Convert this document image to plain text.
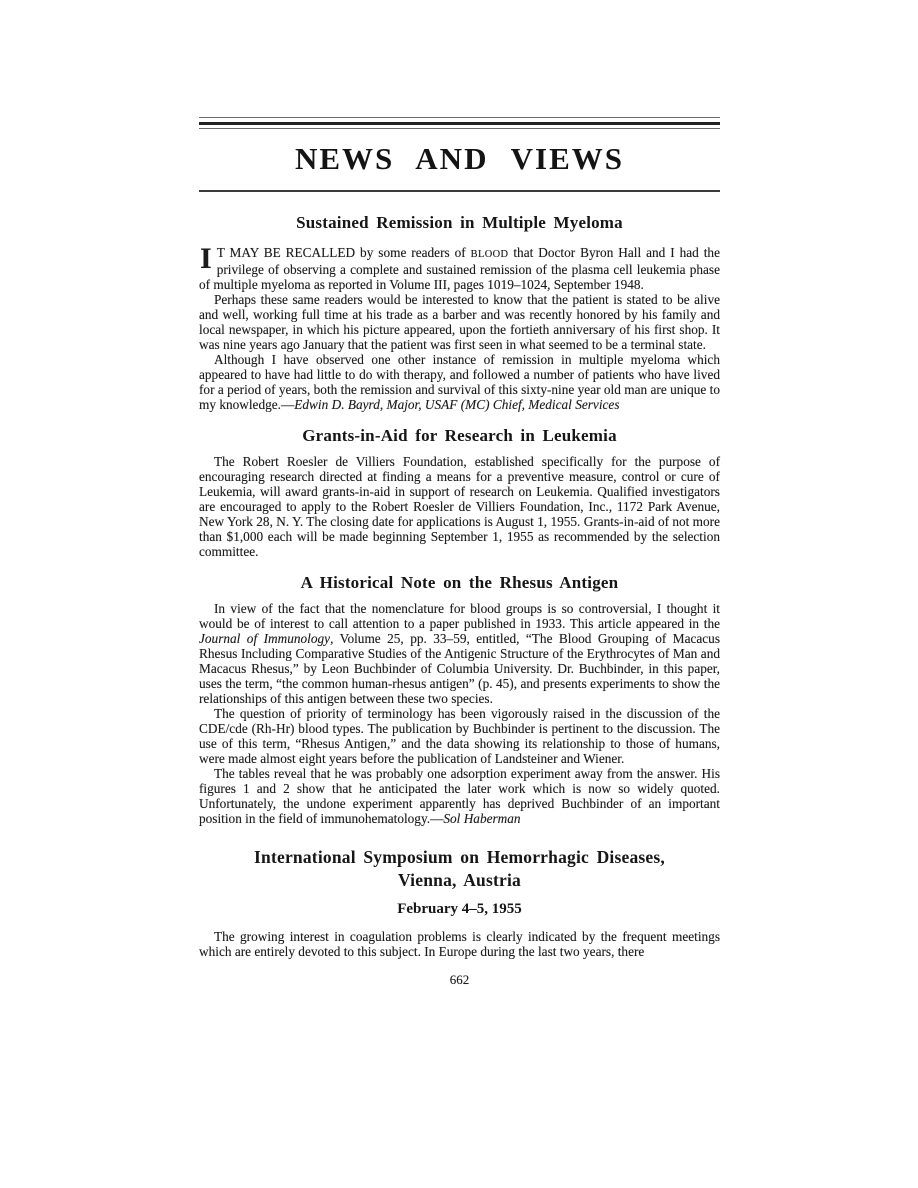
NEWS AND VIEWS
Sustained Remission in Multiple Myeloma

I T MAY BE RECALLED by some readers of BLOOD that Doctor Byron Hall and I had the privilege of observing a complete and sustained remission of the plasma cell leukemia phase of multiple myeloma as reported in Volume III, pages 1019–1024, September 1948.

Perhaps these same readers would be interested to know that the patient is stated to be alive and well, working full time at his trade as a barber and was recently honored by his family and local newspaper, in which his picture appeared, upon the fortieth anniversary of his first shop. It was nine years ago January that the patient was first seen in what seemed to be a terminal state.

Although I have observed one other instance of remission in multiple myeloma which appeared to have had little to do with therapy, and followed a number of patients who have lived for a period of years, both the remission and survival of this sixty-nine year old man are unique to my knowledge.—Edwin D. Bayrd, Major, USAF (MC) Chief, Medical Services

Grants-in-Aid for Research in Leukemia

The Robert Roesler de Villiers Foundation, established specifically for the purpose of encouraging research directed at finding a means for a preventive measure, control or cure of Leukemia, will award grants-in-aid in support of research on Leukemia. Qualified investigators are encouraged to apply to the Robert Roesler de Villiers Foundation, Inc., 1172 Park Avenue, New York 28, N. Y. The closing date for applications is August 1, 1955. Grants-in-aid of not more than $1,000 each will be made beginning September 1, 1955 as recommended by the selection committee.

A Historical Note on the Rhesus Antigen

In view of the fact that the nomenclature for blood groups is so controversial, I thought it would be of interest to call attention to a paper published in 1933. This article appeared in the Journal of Immunology, Volume 25, pp. 33–59, entitled, “The Blood Grouping of Macacus Rhesus Including Comparative Studies of the Antigenic Structure of the Erythrocytes of Man and Macacus Rhesus,” by Leon Buchbinder of Columbia University. Dr. Buchbinder, in this paper, uses the term, “the common human-rhesus antigen” (p. 45), and presents experiments to show the relationships of this antigen between these two species.

The question of priority of terminology has been vigorously raised in the discussion of the CDE/cde (Rh-Hr) blood types. The publication by Buchbinder is pertinent to the discussion. The use of this term, “Rhesus Antigen,” and the data showing its relationship to those of humans, were made almost eight years before the publication of Landsteiner and Wiener.

The tables reveal that he was probably one adsorption experiment away from the answer. His figures 1 and 2 show that he anticipated the later work which is now so widely quoted. Unfortunately, the undone experiment apparently has deprived Buchbinder of an important position in the field of immunohematology.—Sol Haberman

International Symposium on Hemorrhagic Diseases,
Vienna, Austria
February 4–5, 1955

The growing interest in coagulation problems is clearly indicated by the frequent meetings which are entirely devoted to this subject. In Europe during the last two years, there

662
